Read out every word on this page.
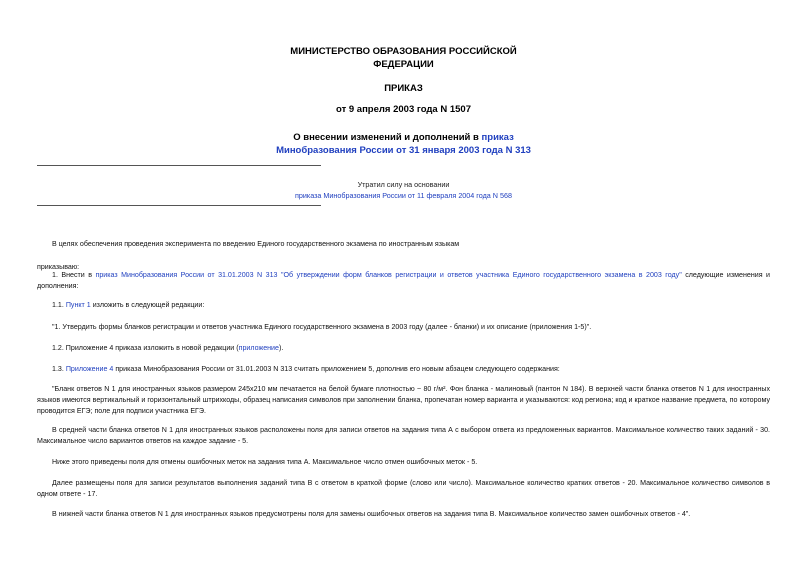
МИНИСТЕРСТВО ОБРАЗОВАНИЯ РОССИЙСКОЙ
ФЕДЕРАЦИИ
ПРИКАЗ
от 9 апреля 2003 года N 1507
О внесении изменений и дополнений в приказ
Минобразования России от 31 января 2003 года N 313
Утратил силу на основании
приказа Минобразования России от 11 февраля 2004 года N 568
В целях обеспечения проведения эксперимента по введению Единого государственного экзамена по иностранным языкам
приказываю:
1. Внести в приказ Минобразования России от 31.01.2003 N 313 "Об утверждении форм бланков регистрации и ответов участника Единого государственного экзамена в 2003 году" следующие изменения и дополнения:
1.1. Пункт 1 изложить в следующей редакции:
"1. Утвердить формы бланков регистрации и ответов участника Единого государственного экзамена в 2003 году (далее - бланки) и их описание (приложения 1-5)".
1.2. Приложение 4 приказа изложить в новой редакции (приложение).
1.3. Приложение 4 приказа Минобразования России от 31.01.2003 N 313 считать приложением 5, дополнив его новым абзацем следующего содержания:
"Бланк ответов N 1 для иностранных языков размером 245x210 мм печатается на белой бумаге плотностью ~ 80 г/м². Фон бланка - малиновый (пантон N 184). В верхней части бланка ответов N 1 для иностранных языков имеются вертикальный и горизонтальный штрихкоды, образец написания символов при заполнении бланка, пропечатан номер варианта и указываются: код региона; код и краткое название предмета, по которому проводится ЕГЭ; поле для подписи участника ЕГЭ.
В средней части бланка ответов N 1 для иностранных языков расположены поля для записи ответов на задания типа А с выбором ответа из предложенных вариантов. Максимальное количество таких заданий - 30. Максимальное число вариантов ответов на каждое задание - 5.
Ниже этого приведены поля для отмены ошибочных меток на задания типа А. Максимальное число отмен ошибочных меток - 5.
Далее размещены поля для записи результатов выполнения заданий типа В с ответом в краткой форме (слово или число). Максимальное количество кратких ответов - 20. Максимальное количество символов в одном ответе - 17.
В нижней части бланка ответов N 1 для иностранных языков предусмотрены поля для замены ошибочных ответов на задания типа В. Максимальное количество замен ошибочных ответов - 4".
